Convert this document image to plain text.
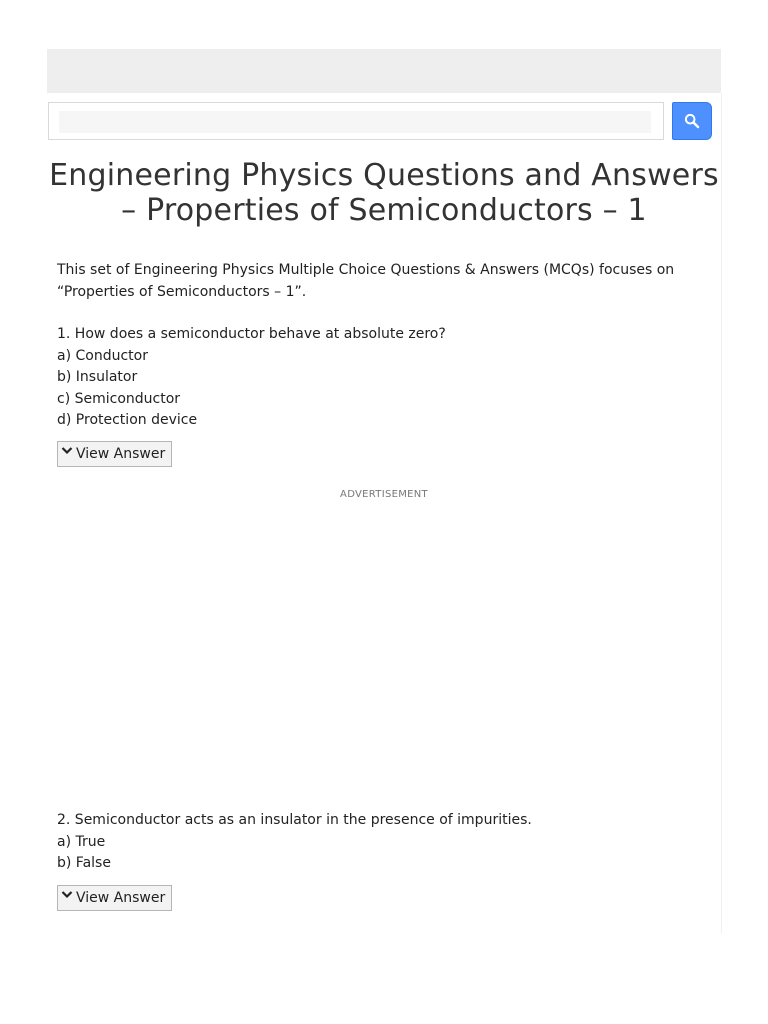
Engineering Physics Questions and Answers – Properties of Semiconductors – 1

This set of Engineering Physics Multiple Choice Questions & Answers (MCQs) focuses on “Properties of Semiconductors – 1”.

1. How does a semiconductor behave at absolute zero?

a) Conductor

b) Insulator

c) Semiconductor

d) Protection device

View Answer
ADVERTISEMENT

2. Semiconductor acts as an insulator in the presence of impurities.

a) True

b) False

View Answer
